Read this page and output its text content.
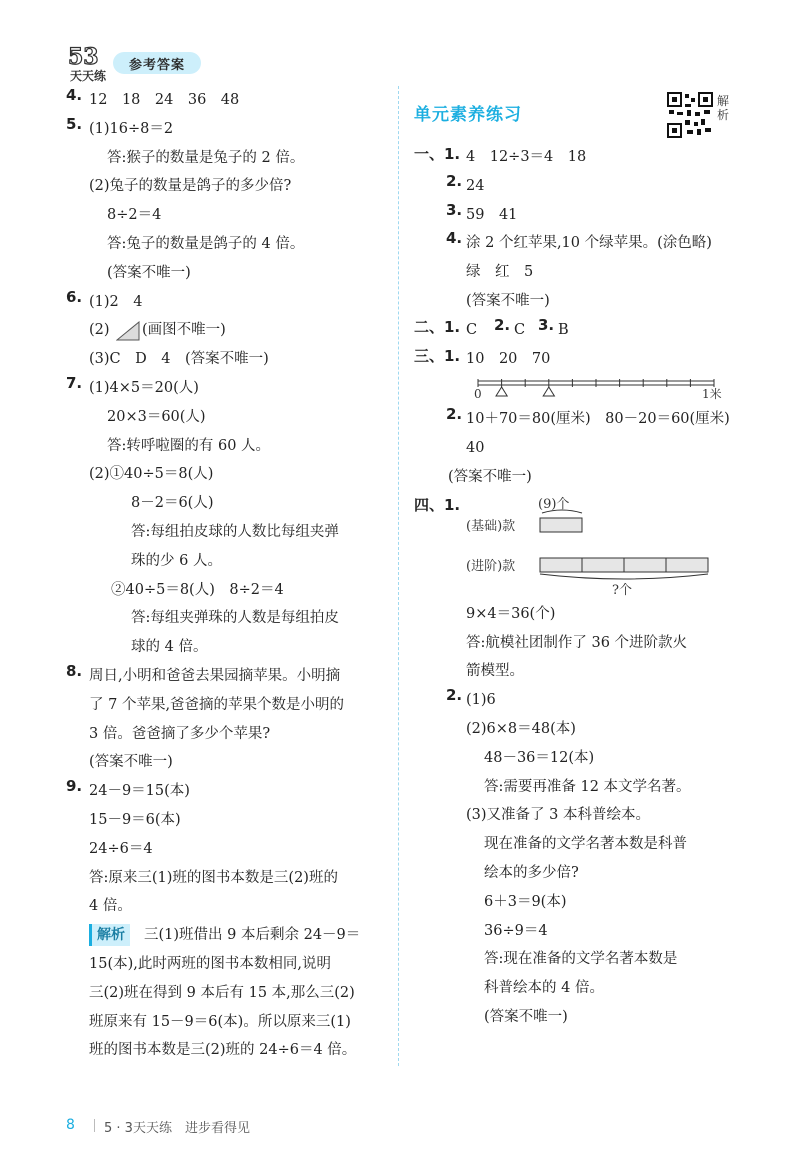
53
天天练
参考答案
4. 12　18　24　36　48
5. (1)16÷8＝2
答:猴子的数量是兔子的 2 倍。
(2)兔子的数量是鸽子的多少倍?
8÷2＝4
答:兔子的数量是鸽子的 4 倍。
(答案不唯一)
6. (1)2　4
(2) (画图不唯一)
(3)C　D　4　(答案不唯一)
7. (1)4×5＝20(人)
20×3＝60(人)
答:转呼啦圈的有 60 人。
(2)①40÷5＝8(人)
8－2＝6(人)
答:每组拍皮球的人数比每组夹弹
珠的少 6 人。
②40÷5＝8(人)　8÷2＝4
答:每组夹弹珠的人数是每组拍皮
球的 4 倍。
8. 周日,小明和爸爸去果园摘苹果。小明摘
了 7 个苹果,爸爸摘的苹果个数是小明的
3 倍。爸爸摘了多少个苹果?
(答案不唯一)
9. 24－9＝15(本)
15－9＝6(本)
24÷6＝4
答:原来三(1)班的图书本数是三(2)班的
4 倍。
解析 三(1)班借出 9 本后剩余 24－9＝
15(本),此时两班的图书本数相同,说明
三(2)班在得到 9 本后有 15 本,那么三(2)
班原来有 15－9＝6(本)。所以原来三(1)
班的图书本数是三(2)班的 24÷6＝4 倍。
单元素养练习
解析
一、1. 4　12÷3＝4　18
2. 24
3. 59　41
4. 涂 2 个红苹果,10 个绿苹果。(涂色略)
绿　红　5
(答案不唯一)
二、1. C 2. C 3. B
三、1. 10　20　70
0	1米
2. 10＋70＝80(厘米)　80－20＝60(厘米)
40
(答案不唯一)
四、1.	(9)个
(基础)款
(进阶)款
?个
9×4＝36(个)
答:航模社团制作了 36 个进阶款火
箭模型。
2. (1)6
(2)6×8＝48(本)
48－36＝12(本)
答:需要再准备 12 本文学名著。
(3)又准备了 3 本科普绘本。
现在准备的文学名著本数是科普
绘本的多少倍?
6＋3＝9(本)
36÷9＝4
答:现在准备的文学名著本数是
科普绘本的 4 倍。
(答案不唯一)
8 5 · 3天天练　进步看得见
